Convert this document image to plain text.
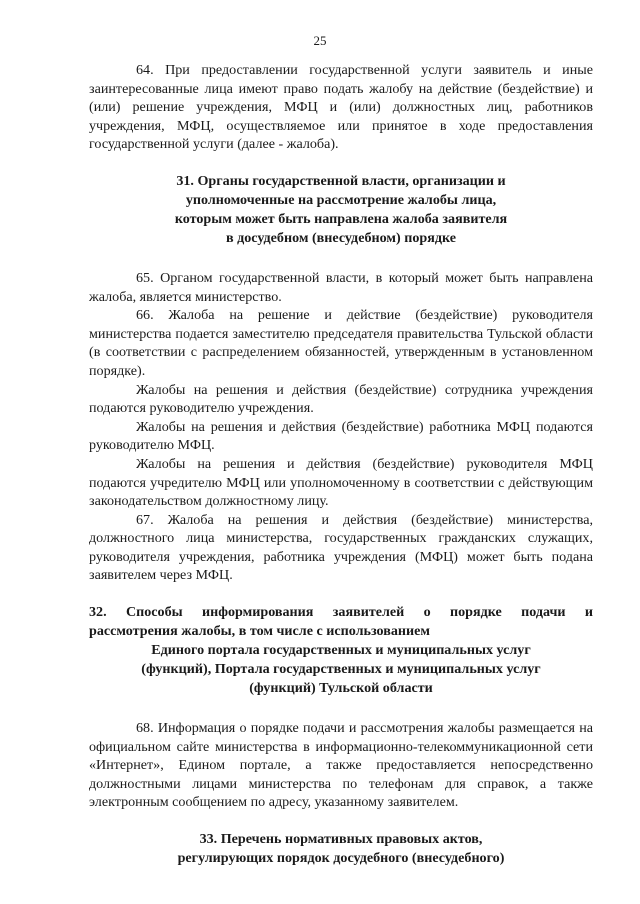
25

64. При предоставлении государственной услуги заявитель и иные заинтересованные лица имеют право подать жалобу на действие (бездействие) и (или) решение учреждения, МФЦ и (или) должностных лиц, работников учреждения, МФЦ, осуществляемое или принятое в ходе предоставления государственной услуги (далее - жалоба).

31. Органы государственной власти, организации и

уполномоченные на рассмотрение жалобы лица,

которым может быть направлена жалоба заявителя

в досудебном (внесудебном) порядке

65. Органом государственной власти, в который может быть направлена жалоба, является министерство.

66. Жалоба на решение и действие (бездействие) руководителя министерства подается заместителю председателя правительства Тульской области (в соответствии с распределением обязанностей, утвержденным в установленном порядке).

Жалобы на решения и действия (бездействие) сотрудника учреждения подаются руководителю учреждения.

Жалобы на решения и действия (бездействие) работника МФЦ подаются руководителю МФЦ.

Жалобы на решения и действия (бездействие) руководителя МФЦ подаются учредителю МФЦ или уполномоченному в соответствии с действующим законодательством должностному лицу.

67. Жалоба на решения и действия (бездействие) министерства, должностного лица министерства, государственных гражданских служащих, руководителя учреждения, работника учреждения (МФЦ) может быть подана заявителем через МФЦ.

32. Способы информирования заявителей о порядке подачи и
рассмотрения жалобы, в том числе с использованием
Единого портала государственных и муниципальных услуг
(функций), Портала государственных и муниципальных услуг
(функций) Тульской области

68. Информация о порядке подачи и рассмотрения жалобы размещается на официальном сайте министерства в информационно-телекоммуникационной сети «Интернет», Едином портале, а также предоставляется непосредственно должностными лицами министерства по телефонам для справок, а также электронным сообщением по адресу, указанному заявителем.

33. Перечень нормативных правовых актов,

регулирующих порядок досудебного (внесудебного)
